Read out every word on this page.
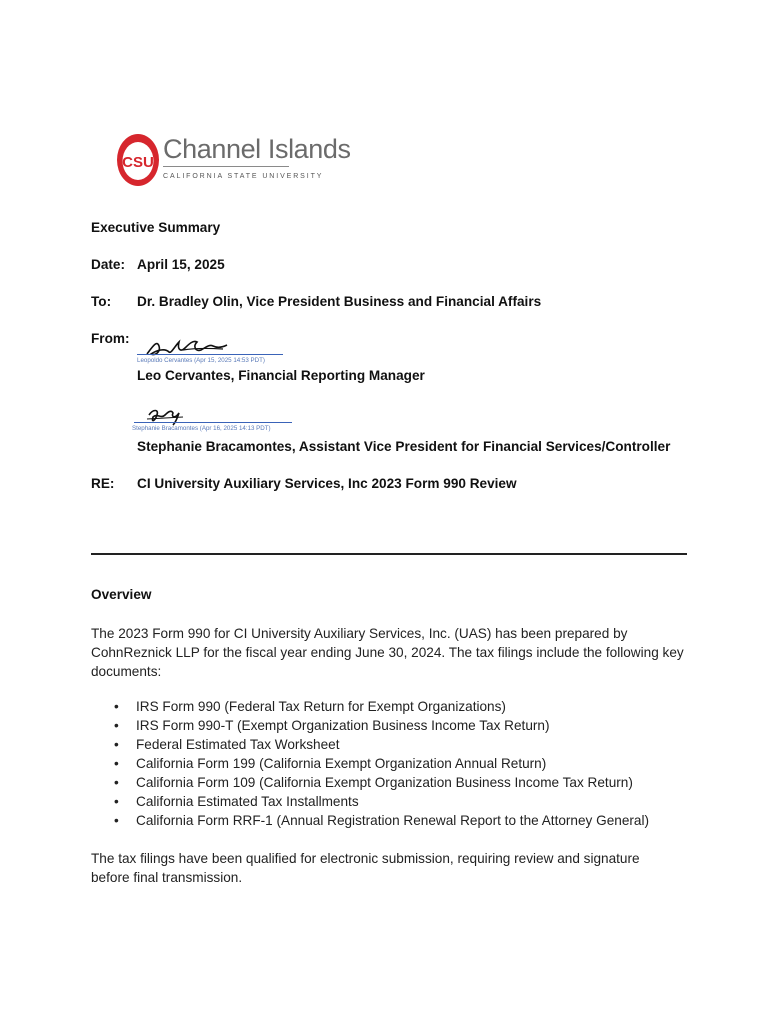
CSU Channel Islands
CALIFORNIA STATE UNIVERSITY
Executive Summary
Date: April 15, 2025
To: Dr. Bradley Olin, Vice President Business and Financial Affairs
From:
Leopoldo Cervantes (Apr 15, 2025 14:53 PDT)
Leo Cervantes, Financial Reporting Manager
Stephanie Bracamontes (Apr 16, 2025 14:13 PDT)
Stephanie Bracamontes, Assistant Vice President for Financial Services/Controller
RE: CI University Auxiliary Services, Inc 2023 Form 990 Review
Overview
The 2023 Form 990 for CI University Auxiliary Services, Inc. (UAS) has been prepared by
CohnReznick LLP for the fiscal year ending June 30, 2024. The tax filings include the following key
documents:
• IRS Form 990 (Federal Tax Return for Exempt Organizations)
• IRS Form 990-T (Exempt Organization Business Income Tax Return)
• Federal Estimated Tax Worksheet
• California Form 199 (California Exempt Organization Annual Return)
• California Form 109 (California Exempt Organization Business Income Tax Return)
• California Estimated Tax Installments
• California Form RRF-1 (Annual Registration Renewal Report to the Attorney General)
The tax filings have been qualified for electronic submission, requiring review and signature
before final transmission.
